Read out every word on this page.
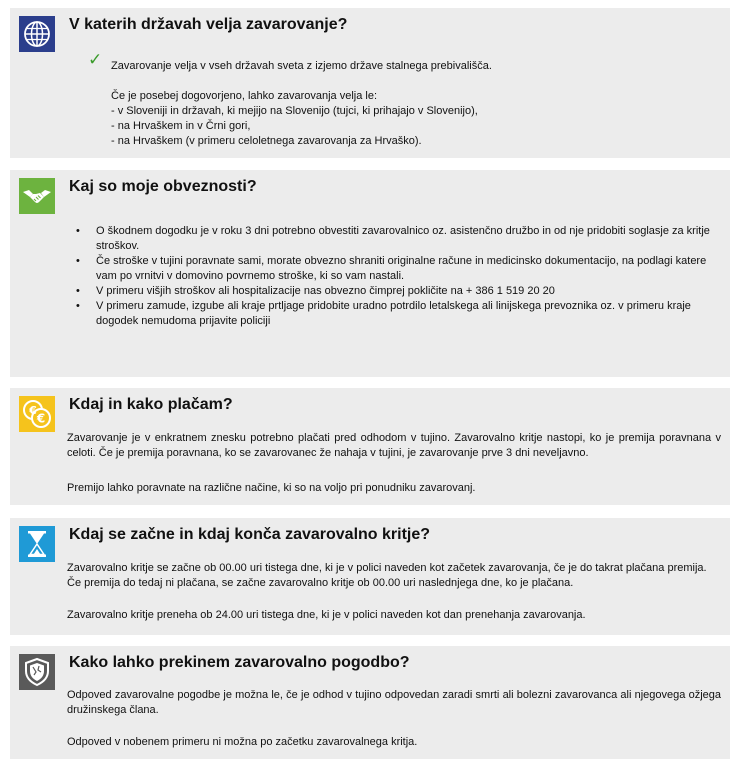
V katerih državah velja zavarovanje?
✓ Zavarovanje velja v vseh državah sveta z izjemo države stalnega prebivališča.
Če je posebej dogovorjeno, lahko zavarovanja velja le:
- v Sloveniji in državah, ki mejijo na Slovenijo (tujci, ki prihajajo v Slovenijo),
- na Hrvaškem in v Črni gori,
- na Hrvaškem (v primeru celoletnega zavarovanja za Hrvaško).
Kaj so moje obveznosti?
• O škodnem dogodku je v roku 3 dni potrebno obvestiti zavarovalnico oz. asistenčno družbo in od nje pridobiti soglasje za kritje stroškov.
• Če stroške v tujini poravnate sami, morate obvezno shraniti originalne račune in medicinsko dokumentacijo, na podlagi katere vam po vrnitvi v domovino povrnemo stroške, ki so vam nastali.
• V primeru višjih stroškov ali hospitalizacije nas obvezno čimprej pokličite na + 386 1 519 20 20
• V primeru zamude, izgube ali kraje prtljage pridobite uradno potrdilo letalskega ali linijskega prevoznika oz. v primeru kraje dogodek nemudoma prijavite policiji
€
€
Kdaj in kako plačam?
Zavarovanje je v enkratnem znesku potrebno plačati pred odhodom v tujino. Zavarovalno kritje nastopi, ko je premija poravnana v celoti. Če je premija poravnana, ko se zavarovanec že nahaja v tujini, je zavarovanje prve 3 dni neveljavno.
Premijo lahko poravnate na različne načine, ki so na voljo pri ponudniku zavarovanj.
Kdaj se začne in kdaj konča zavarovalno kritje?
Zavarovalno kritje se začne ob 00.00 uri tistega dne, ki je v polici naveden kot začetek zavarovanja, če je do takrat plačana premija. Če premija do tedaj ni plačana, se začne zavarovalno kritje ob 00.00 uri naslednjega dne, ko je plačana.
Zavarovalno kritje preneha ob 24.00 uri tistega dne, ki je v polici naveden kot dan prenehanja zavarovanja.
Kako lahko prekinem zavarovalno pogodbo?
Odpoved zavarovalne pogodbe je možna le, če je odhod v tujino odpovedan zaradi smrti ali bolezni zavarovanca ali njegovega ožjega družinskega člana.
Odpoved v nobenem primeru ni možna po začetku zavarovalnega kritja.
